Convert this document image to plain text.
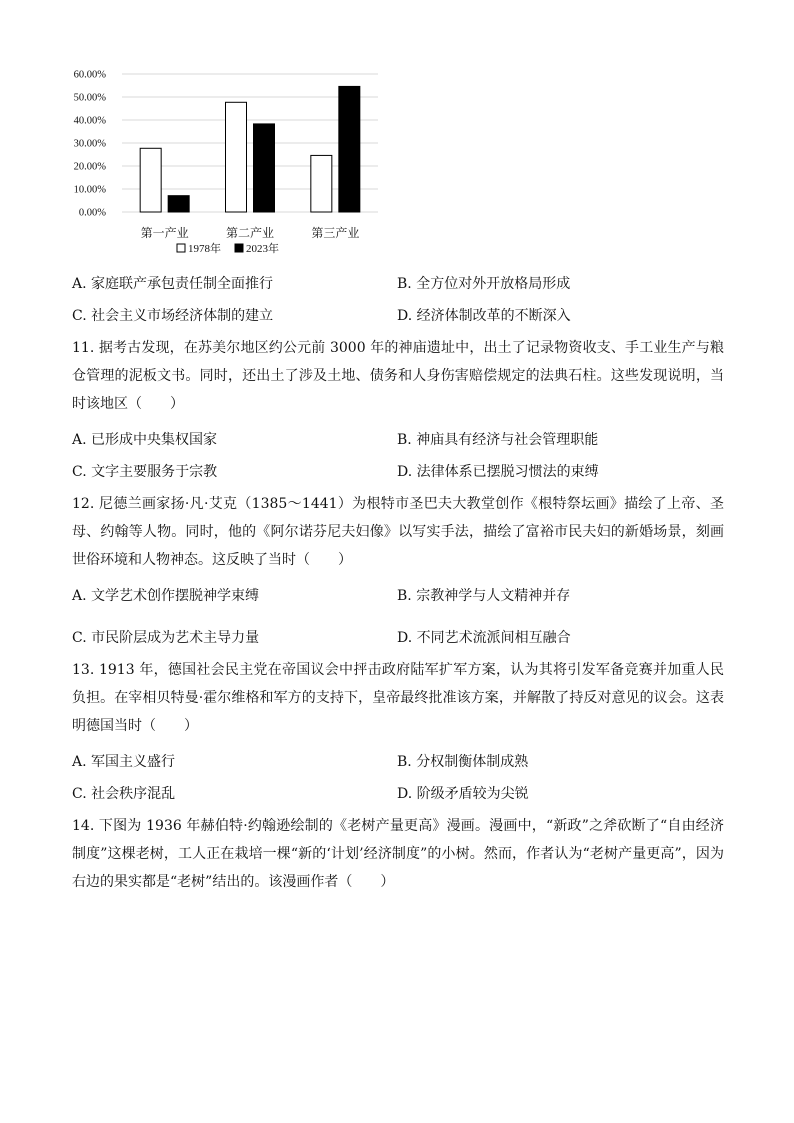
0.00%
10.00%
20.00%
30.00%
40.00%
50.00%
60.00%
第一产业	第二产业	第三产业
1978年 2023年
A. 家庭联产承包责任制全面推行	B. 全方位对外开放格局形成
C. 社会主义市场经济体制的建立	D. 经济体制改革的不断深入
11. 据考古发现，在苏美尔地区约公元前 3000 年的神庙遗址中，出土了记录物资收支、手工业生产与粮仓管理的泥板文书。同时，还出土了涉及土地、债务和人身伤害赔偿规定的法典石柱。这些发现说明，当时该地区（　　）
A. 已形成中央集权国家	B. 神庙具有经济与社会管理职能
C. 文字主要服务于宗教	D. 法律体系已摆脱习惯法的束缚
12. 尼德兰画家扬·凡·艾克（1385～1441）为根特市圣巴夫大教堂创作《根特祭坛画》描绘了上帝、圣母、约翰等人物。同时，他的《阿尔诺芬尼夫妇像》以写实手法，描绘了富裕市民夫妇的新婚场景，刻画世俗环境和人物神态。这反映了当时（　　）
A. 文学艺术创作摆脱神学束缚	B. 宗教神学与人文精神并存
C. 市民阶层成为艺术主导力量	D. 不同艺术流派间相互融合
13. 1913 年，德国社会民主党在帝国议会中抨击政府陆军扩军方案，认为其将引发军备竞赛并加重人民负担。在宰相贝特曼·霍尔维格和军方的支持下，皇帝最终批准该方案，并解散了持反对意见的议会。这表明德国当时（　　）
A. 军国主义盛行	B. 分权制衡体制成熟
C. 社会秩序混乱	D. 阶级矛盾较为尖锐
14. 下图为 1936 年赫伯特·约翰逊绘制的《老树产量更高》漫画。漫画中，“新政”之斧砍断了“自由经济制度”这棵老树，工人正在栽培一棵“新的‘计划’经济制度”的小树。然而，作者认为“老树产量更高”，因为右边的果实都是“老树”结出的。该漫画作者（　　）
